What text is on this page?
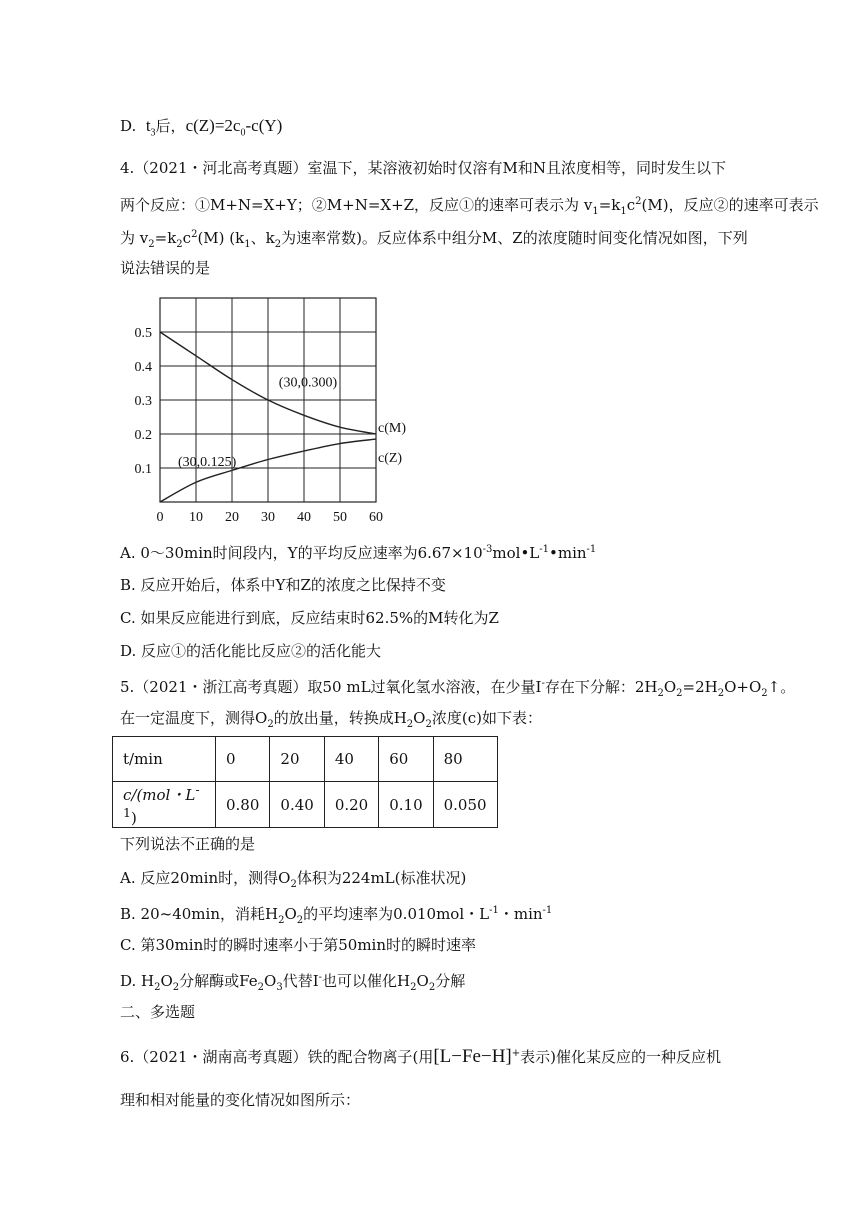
D. $t_3$后，$c(Z)=2c_0-c(Y)$
4.（2021・河北高考真题）室温下，某溶液初始时仅溶有M和N且浓度相等，同时发生以下
两个反应：①M+N=X+Y；②M+N=X+Z，反应①的速率可表示为 $v_1=k_1c^2(M)$，反应②的速率可表示
为 $v_2=k_2c^2(M)$ ($k_1$、$k_2$为速率常数)。反应体系中组分M、Z的浓度随时间变化情况如图，下列
说法错误的是
0 10 20 30 40 50 60
0.1
0.2
0.3
0.4
0.5
c(M)
c(Z)
(30,0.300)
(30,0.125)
A. 0～30min时间段内，Y的平均反应速率为$6.67\times 10^{-3}mol•L^{-1}•\min^{-1}$
B. 反应开始后，体系中Y和Z的浓度之比保持不变
C. 如果反应能进行到底，反应结束时62.5%的M转化为Z
D. 反应①的活化能比反应②的活化能大
5.（2021・浙江高考真题）取50 mL过氧化氢水溶液，在少量I-存在下分解：$2H_2O_2=2H_2O+O_2↑$。
在一定温度下，测得$O_2$的放出量，转换成$H_2O_2$浓度(c)如下表：
t/min	0	20	40	60	80
c/(mol・$L^{-1}$)	0.80	0.40	0.20	0.10	0.050
下列说法不正确的是
A. 反应20min时，测得$O_2$体积为224mL(标准状况)
B. 20~40min，消耗$H_2O_2$的平均速率为0.010mol・$L^{-1}$・$\min^{-1}$
C. 第30min时的瞬时速率小于第50min时的瞬时速率
D. $H_2O_2$分解酶或$Fe_2O_3$代替I-也可以催化$H_2O_2$分解
二、多选题
6.（2021・湖南高考真题）铁的配合物离子(用[L−Fe−H]+表示)催化某反应的一种反应机
理和相对能量的变化情况如图所示：
